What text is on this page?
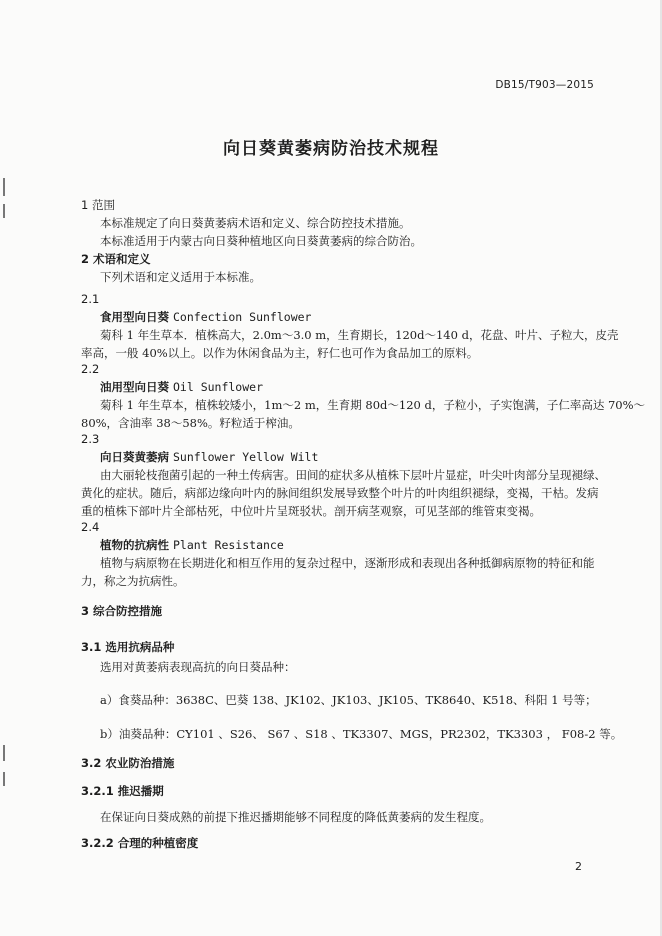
DB15/T903—2015
向日葵黄萎病防治技术规程
1 范围
本标准规定了向日葵黄萎病术语和定义、综合防控技术措施。
本标准适用于内蒙古向日葵种植地区向日葵黄萎病的综合防治。
2 术语和定义
下列术语和定义适用于本标准。
2.1
食用型向日葵 Confection Sunflower
菊科 1 年生草本．植株高大，2.0m～3.0 m，生育期长，120d～140 d，花盘、叶片、子粒大，皮壳
率高，一般 40%以上。以作为休闲食品为主，籽仁也可作为食品加工的原料。
2.2
油用型向日葵 Oil Sunflower
菊科 1 年生草本，植株较矮小，1m～2 m，生育期 80d～120 d，子粒小，子实饱满，子仁率高达 70%～
80%，含油率 38～58%。籽粒适于榨油。
2.3
向日葵黄萎病 Sunflower Yellow Wilt
由大丽轮枝孢菌引起的一种土传病害。田间的症状多从植株下层叶片显症，叶尖叶肉部分呈现褪绿、
黄化的症状。随后，病部边缘向叶内的脉间组织发展导致整个叶片的叶肉组织褪绿，变褐，干枯。发病
重的植株下部叶片全部枯死，中位叶片呈斑驳状。剖开病茎观察，可见茎部的维管束变褐。
2.4
植物的抗病性 Plant Resistance
植物与病原物在长期进化和相互作用的复杂过程中，逐渐形成和表现出各种抵御病原物的特征和能
力，称之为抗病性。
3 综合防控措施
3.1 选用抗病品种
选用对黄萎病表现高抗的向日葵品种：
a）食葵品种：3638C、巴葵 138、JK102、JK103、JK105、TK8640、K518、科阳 1 号等；
b）油葵品种：CY101 、S26、 S67 、S18 、TK3307、MGS，PR2302，TK3303 ， F08-2 等。
3.2 农业防治措施
3.2.1 推迟播期
在保证向日葵成熟的前提下推迟播期能够不同程度的降低黄萎病的发生程度。
3.2.2 合理的种植密度
2
